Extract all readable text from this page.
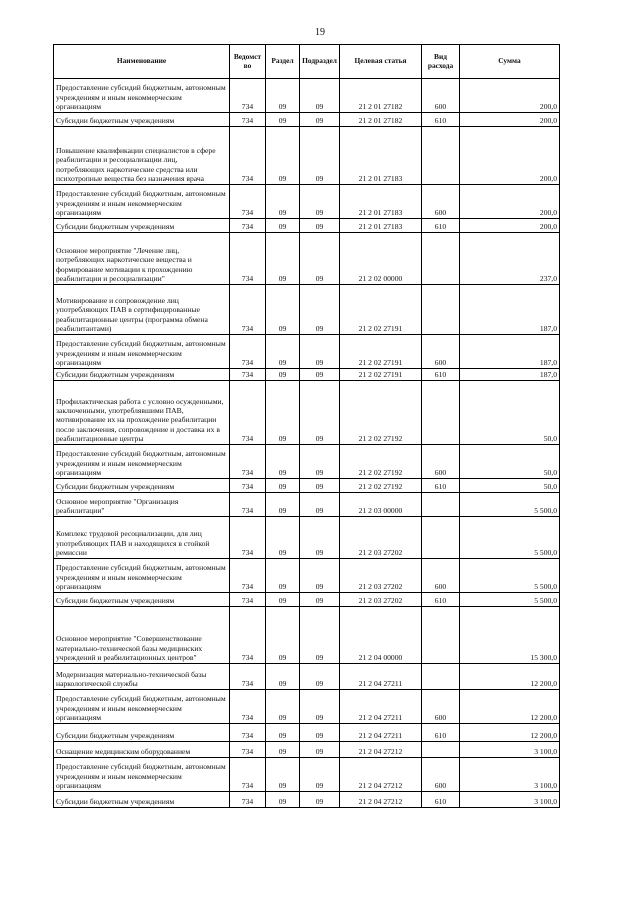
19
Наименование	Ведомст во	Раздел	Подраздел	Целевая статья	Вид расхода	Сумма
Предоставление субсидий бюджетным, автономным учреждениям и иным некоммерческим организациям	734	09	09	21 2 01 27182	600	200,0
Субсидии бюджетным учреждениям	734	09	09	21 2 01 27182	610	200,0
Повышение квалификации специалистов в сфере реабилитации и ресоциализации лиц, потребляющих наркотические средства или психотропные вещества без назначения врача	734	09	09	21 2 01 27183		200,0
Предоставление субсидий бюджетным, автономным учреждениям и иным некоммерческим организациям	734	09	09	21 2 01 27183	600	200,0
Субсидии бюджетным учреждениям	734	09	09	21 2 01 27183	610	200,0
Основное мероприятие "Лечение лиц, потребляющих наркотические вещества и формирование мотивации к прохождению реабилитации и ресоциализации"	734	09	09	21 2 02 00000		237,0
Мотивирование и сопровождение лиц употребляющих ПАВ в сертифицированные реабилитационные центры (программа обмена реабилитантами)	734	09	09	21 2 02 27191		187,0
Предоставление субсидий бюджетным, автономным учреждениям и иным некоммерческим организациям	734	09	09	21 2 02 27191	600	187,0
Субсидии бюджетным учреждениям	734	09	09	21 2 02 27191	610	187,0
Профилактическая работа с условно осужденными, заключенными, употреблявшими ПАВ, мотивирование их на прохождение реабилитации после заключения, сопровождение и доставка их в реабилитационные центры	734	09	09	21 2 02 27192		50,0
Предоставление субсидий бюджетным, автономным учреждениям и иным некоммерческим организациям	734	09	09	21 2 02 27192	600	50,0
Субсидии бюджетным учреждениям	734	09	09	21 2 02 27192	610	50,0
Основное мероприятие "Организация реабилитации"	734	09	09	21 2 03 00000		5 500,0
Комплекс трудовой ресоциализации, для лиц употребляющих ПАВ и находящихся в стойкой ремиссии	734	09	09	21 2 03 27202		5 500,0
Предоставление субсидий бюджетным, автономным учреждениям и иным некоммерческим организациям	734	09	09	21 2 03 27202	600	5 500,0
Субсидии бюджетным учреждениям	734	09	09	21 2 03 27202	610	5 500,0
Основное мероприятие "Совершенствование материально-технической базы медицинских учреждений и реабилитационных центров"	734	09	09	21 2 04 00000		15 300,0
Модернизация материально-технической базы наркологической службы	734	09	09	21 2 04 27211		12 200,0
Предоставление субсидий бюджетным, автономным учреждениям и иным некоммерческим организациям	734	09	09	21 2 04 27211	600	12 200,0
Субсидии бюджетным учреждениям	734	09	09	21 2 04 27211	610	12 200,0
Оснащение медицинским оборудованием	734	09	09	21 2 04 27212		3 100,0
Предоставление субсидий бюджетным, автономным учреждениям и иным некоммерческим организациям	734	09	09	21 2 04 27212	600	3 100,0
Субсидии бюджетным учреждениям	734	09	09	21 2 04 27212	610	3 100,0
